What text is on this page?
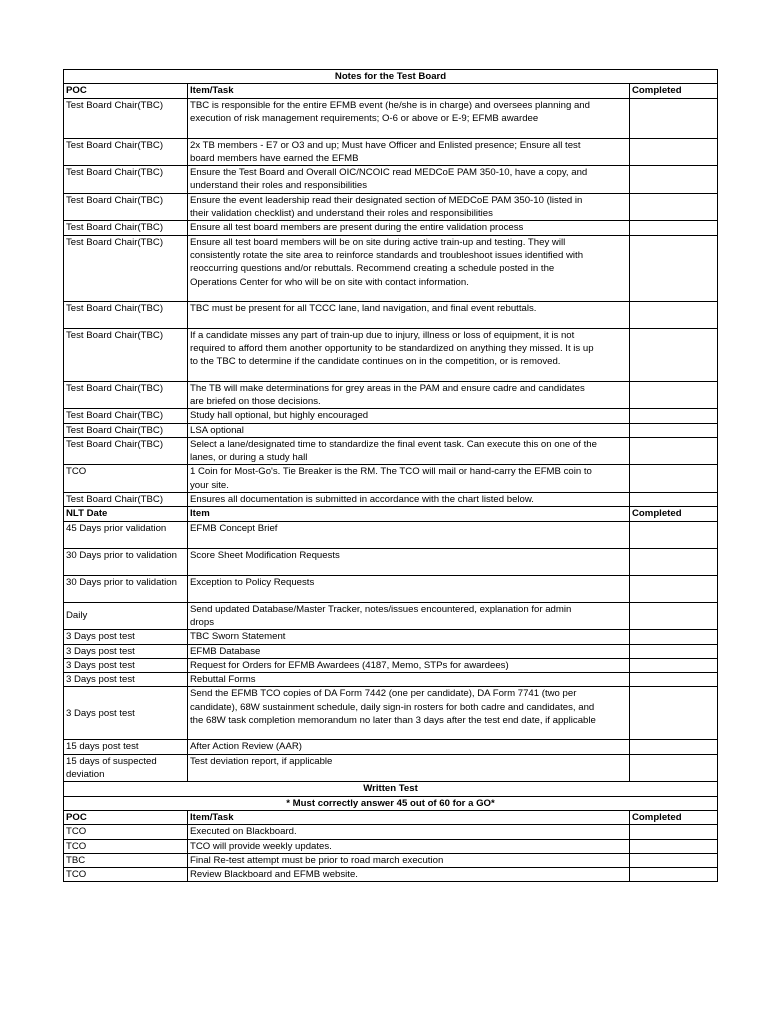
Notes for the Test Board		
POC	Item/Task	Completed
Test Board Chair(TBC)	TBC is responsible for the entire EFMB event (he/she is in charge) and oversees planning and
execution of risk management requirements; O-6 or above or E-9; EFMB awardee	

Test Board Chair(TBC)	2x TB members - E7 or O3 and up; Must have Officer and Enlisted presence; Ensure all test
board members have earned the EFMB	

Test Board Chair(TBC)	Ensure the Test Board and Overall OIC/NCOIC read MEDCoE PAM 350-10, have a copy, and
understand their roles and responsibilities	

Test Board Chair(TBC)	Ensure the event leadership read their designated section of MEDCoE PAM 350-10 (listed in
their validation checklist) and understand their roles and responsibilities	

Test Board Chair(TBC)	Ensure all test board members are present during the entire validation process	

Test Board Chair(TBC)	Ensure all test board members will be on site during active train-up and testing. They will
consistently rotate the site area to reinforce standards and troubleshoot issues identified with
reoccurring questions and/or rebuttals. Recommend creating a schedule posted in the
Operations Center for who will be on site with contact information.	

Test Board Chair(TBC)	TBC must be present for all TCCC lane, land navigation, and final event rebuttals.	

Test Board Chair(TBC)	If a candidate misses any part of train-up due to injury, illness or loss of equipment, it is not
required to afford them another opportunity to be standardized on anything they missed. It is up
to the TBC to determine if the candidate continues on in the competition, or is removed.	

Test Board Chair(TBC)	The TB will make determinations for grey areas in the PAM and ensure cadre and candidates
are briefed on those decisions.	

Test Board Chair(TBC)	Study hall optional, but highly encouraged	

Test Board Chair(TBC)	LSA optional	

Test Board Chair(TBC)	Select a lane/designated time to standardize the final event task. Can execute this on one of the
lanes, or during a study hall	

TCO	1 Coin for Most-Go's. Tie Breaker is the RM. The TCO will mail or hand-carry the EFMB coin to
your site.	

Test Board Chair(TBC)	Ensures all documentation is submitted in accordance with the chart listed below.	

NLT Date	Item	Completed
45 Days prior validation	EFMB Concept Brief	

30 Days prior to validation	Score Sheet Modification Requests	

30 Days prior to validation	Exception to Policy Requests	

Daily	Send updated Database/Master Tracker, notes/issues encountered, explanation for admin
drops	

3 Days post test	TBC Sworn Statement	

3 Days post test	EFMB Database	

3 Days post test	Request for Orders for EFMB Awardees (4187, Memo, STPs for awardees)	

3 Days post test	Rebuttal Forms	

3 Days post test	Send the EFMB TCO copies of DA Form 7442 (one per candidate), DA Form 7741 (two per
candidate), 68W sustainment schedule, daily sign-in rosters for both cadre and candidates, and
the 68W task completion memorandum no later than 3 days after the test end date, if applicable	

15 days post test	After Action Review (AAR)	

15 days of suspected deviation	Test deviation report, if applicable	

Written Test		
* Must correctly answer 45 out of 60 for a GO*		
POC	Item/Task	Completed
TCO	Executed on Blackboard.	

TCO	TCO will provide weekly updates.	

TBC	Final Re-test attempt must be prior to road march execution	

TCO	Review Blackboard and EFMB website.	
